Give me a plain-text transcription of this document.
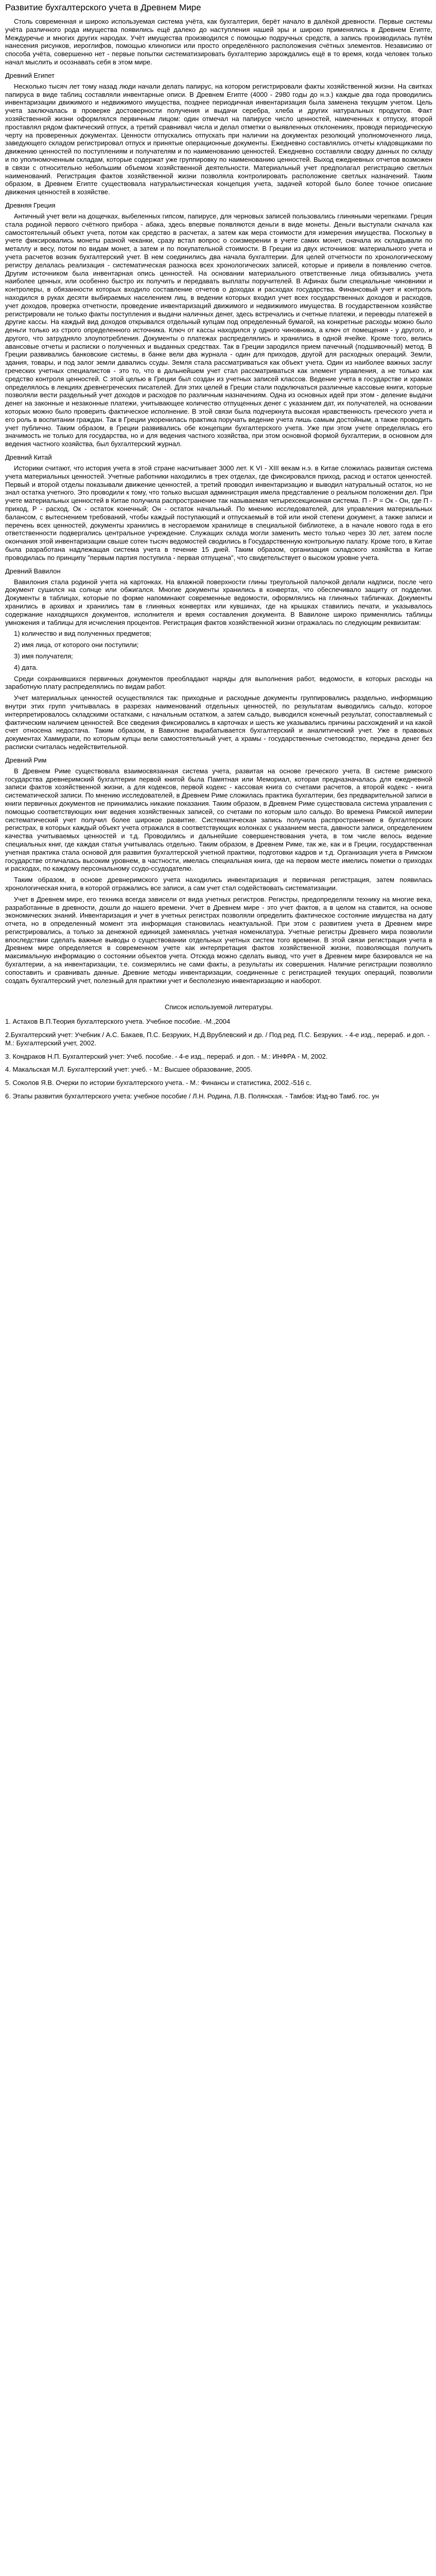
Развитие бухгалтерского учета в Древнем Мире

Столь современная и широко используемая система учёта, как бухгалтерия, берёт начало в далёкой древности. Первые системы учёта различного рода имущества появились ещё далеко до наступления нашей эры и широко применялись в Древнем Египте, Междуречье и многих других народах. Учёт имущества производился с помощью подручных средств, а запись производилась путём нанесения рисунков, иероглифов, помощью клинописи или просто определённого расположения счётных элементов. Независимо от способа учёта, совершенно нет - первые попытки систематизировать бухгалтерию зарождались ещё в то время, когда человек только начал мыслить и осознавать себя в этом мире.

Древний Египет

Несколько тысяч лет тому назад люди начали делать папирус, на котором регистрировали факты хозяйственной жизни. На свитках папируса в виде таблиц составляли инвентарные описи. В Древнем Египте (4000 - 2980 годы до н.э.) каждые два года проводились инвентаризации движимого и недвижимого имущества, позднее периодичная инвентаризация была заменена текущим учетом. Цель учета заключалась в проверке достоверности получения и выдачи серебра, хлеба и других натуральных продуктов. Факт хозяйственной жизни оформлялся первичным лицом: один отмечал на папирусе число ценностей, намеченных к отпуску, второй проставлял рядом фактический отпуск, а третий сравнивал числа и делал отметки о выявленных отклонениях, проводя периодическую черту на проверенных документах. Ценности отпускались отпускать при наличии на документах резолюций уполномоченного лица, заведующего складом регистрировал отпуск и принятые операционные документы. Ежедневно составлялись отчеты кладовщиками по движению ценностей по поступлениям и получателям и по наименованию ценностей. Ежедневно составляли сводку данных по складу и по уполномоченным складам, которые содержат уже группировку по наименованию ценностей. Выход ежедневных отчетов возможен в связи с относительно небольшим объемом хозяйственной деятельности. Материальный учет предполагал регистрацию светлых наименований. Регистрация фактов хозяйственной жизни позволяла контролировать расположение светлых назначений. Таким образом, в Древнем Египте существовала натуральистическая концепция учета, задачей которой было более точное описание движения ценностей в хозяйстве.

Древняя Греция

Античный учет вели на дощечках, выбеленных гипсом, папирусе, для черновых записей пользовались глиняными черепками. Греция стала родиной первого счётного прибора - абака, здесь впервые появляются деньги в виде монеты. Деньги выступали сначала как самостоятельный объект учета, потом как средство в расчетах, а затем как мера стоимости для измерения имущества. Поскольку в учете фиксировались монеты разной чеканки, сразу встал вопрос о соизмерении в учете самих монет, сначала их складывали по металлу и весу, потом по видам монет, а затем и по покупательной стоимости. В Греции из двух источников: материального учета и учета расчетов возник бухгалтерский учет. В нем соединились два начала бухгалтерии. Для целей отчетности по хронологическому регистру делалась реализация - систематическая разноска всех хронологических записей, которые и привели в появлению счетов. Другим источником была инвентарная опись ценностей. На основании материального ответственные лица обязывались учета наиболее ценных, или особенно быстро их получить и передавать выплаты поручителей. В Афинах были специальные чиновники и контролеры, в обязанности которых входило составление отчетов о доходах и расходах государства. Финансовый учет и контроль находился в руках десяти выбираемых населением лиц, в ведении которых входил учет всех государственных доходов и расходов, учет доходов, проверка отчетности, проведение инвентаризаций движимого и недвижимого имущества. В государственном хозяйстве регистрировали не только факты поступления и выдачи наличных денег, здесь встречались и счетные платежи, и переводы платежей в другие кассы. На каждый вид доходов открывался отдельный купцам под определенный бумагой, на конкретные расходы можно было деньги только из строго определенного источника. Ключ от кассы находился у одного чиновника, а ключ от помещения - у другого, и другого, что затрудняло злоупотребления. Документы о платежах распределялись и хранились в одной ячейке. Кроме того, велись авансовые отчеты и расписки о полученных и выданных средствах. Так в Греции зародился прием пачечный (подшивочный) метод. В Греции развивались банковские системы, в банке вели два журнала - один для приходов, другой для расходных операций. Земли, здания, товары, и под залог земли давались ссуды. Земля стала рассматриваться как объект учета. Один из наиболее важных заслуг греческих учетных специалистов - это то, что в дальнейшем учет стал рассматриваться как элемент управления, а не только как средство контроля ценностей. С этой целью в Греции был создан из учетных записей классов. Ведение учета в государстве и храмах определялось в лекциях древнегреческих писателей. Для этих целей в Греции стали подключаться различные кассовые книги, которые позволяли вести раздельный учет доходов и расходов по различным назначениям. Одна из основных идей при этом - деление выдачи денег на законные и незаконные платежи, учитывающее количество отпущенных денег с указанием дат, их получателей, на основании которых можно было проверить фактическое исполнение. В этой связи была подчеркнута высокая нравственность греческого учета и его роль в воспитании граждан. Так в Греции укоренилась практика поручать ведение учета лишь самым достойным, а также проводить учет публично. Таким образом, в Греции развивались обе концепции бухгалтерского учета. Уже при этом учете определялась его значимость не только для государства, но и для ведения частного хозяйства, при этом основной формой бухгалтерии, в основном для ведения частного хозяйства, был бухгалтерский журнал.

Древний Китай

Историки считают, что история учета в этой стране насчитывает 3000 лет. К VI - XIII векам н.э. в Китае сложилась развитая система учета материальных ценностей. Учетные работники находились в трех отделах, где фиксировался приход, расход и остаток ценностей. Первый и второй отделы показывали движение ценностей, а третий проводил инвентаризацию и выводил натуральный остаток, но не знал остатка учетного. Это проводили к тому, что только высшая администрация имела представление о реальном положении дел. При учете материальных ценностей в Китае получила распространение так называемая четырехсекционная система. П - Р = Ок - Он, где П - приход, Р - расход, Ок - остаток конечный; Он - остаток начальный. По мнению исследователей, для управления материальных балансом, с вытеснением требований, чтобы каждый поступающий и отпускаемый в той или иной степени документ, а также записи и перечень всех ценностей, документы хранились в несгораемом хранилище в специальной библиотеке, а в начале нового года в его ответственности подвергались центральное учреждение. Служащих склада могли заменить место только через 30 лет, затем после окончания этой инвентаризации свыше сотен тысяч ведомостей сводились в Государственную контрольную палату. Кроме того, в Китае была разработана надлежащая система учета в течение 15 дней. Таким образом, организация складского хозяйства в Китае проводилась по принципу "первым партия поступила - первая отпущена", что свидетельствует о высоком уровне учета.

Древний Вавилон

Вавилония стала родиной учета на картонках. На влажной поверхности глины треугольной палочкой делали надписи, после чего документ сушился на солнце или обжигался. Многие документы хранились в конвертах, что обеспечивало защиту от подделки. Документы в таблицах, которые по форме напоминают современные ведомости, оформлялись на глиняных табличках. Документы хранились в архивах и хранились там в глиняных конвертах или кувшинах, где на крышках ставились печати, и указывалось содержание находящихся документов, исполнителя и время составления документа. В Вавилоне широко применялись таблицы умножения и таблицы для исчисления процентов. Регистрация фактов хозяйственной жизни отражалась по следующим реквизитам:

1) количество и вид полученных предметов;

2) имя лица, от которого они поступили;

3) имя получателя;

4) дата.

Среди сохранившихся первичных документов преобладают наряды для выполнения работ, ведомости, в которых расходы на заработную плату распределялись по видам работ.

Учет материальных ценностей осуществлялся так: приходные и расходные документы группировались раздельно, информацию внутри этих групп учитывалась в разрезах наименований отдельных ценностей, по результатам выводились сальдо, которое интерпретировалось складскими остатками, с начальным остатком, а затем сальдо, выводился конечный результат, сопоставляемый с фактическим наличием ценностей. Все сведения фиксировались в карточках и шесть же указывались причины расхождений и на какой счет относена недостача. Таким образом, в Вавилоне вырабатывается бухгалтерский и аналитический учет. Уже в правовых документах Хаммурапи, по которым купцы вели самостоятельный учет, а храмы - государственные счетоводство, передача денег без расписки считалась недействительной.

Древний Рим

В Древнем Риме существовала взаимосвязанная система учета, развитая на основе греческого учета. В системе римского государства древнеримский бухгалтерии первой книгой была Памятная или Мемориал, которая предназначалась для ежедневной записи фактов хозяйственной жизни, а для кодексов, первой кодекс - кассовая книга со счетами расчетов, а второй кодекс - книга систематической записи. По мнению исследователей, в Древнем Риме сложилась практика бухгалтерии, без предварительной записи в книги первичных документов не принимались никакие показания. Таким образом, в Древнем Риме существовала система управления с помощью соответствующих книг ведения хозяйственных записей, со счетами по которым шло сальдо. Во времена Римской империи систематический учет получил более широкое развитие. Систематическая запись получила распространение в бухгалтерских регистрах, в которых каждый объект учета отражался в соответствующих колонках с указанием места, давности записи, определением качества учитываемых ценностей и т.д. Проводились и дальнейшие совершенствования учета, в том числе велось ведение специальных книг, где каждая статья учитывалась отдельно. Таким образом, в Древнем Риме, так же, как и в Греции, государственная учетная практика стала основой для развития бухгалтерской учетной практики, подготовки кадров и т.д. Организация учета в Римском государстве отличалась высоким уровнем, в частности, имелась специальная книга, где на первом месте имелись пометки о приходах и расходах, по каждому персональному ссудо-ссудодателю.

Таким образом, в основе древнеримского учета находились инвентаризация и первичная регистрация, затем появилась хронологическая книга, в которой отражались все записи, а сам учет стал содействовать систематизации.

Учет в Древнем мире, его техника всегда зависели от вида учетных регистров. Регистры, предопределяли технику на многие века, разработанные в древности, дошли до нашего времени. Учет в Древнем мире - это учет фактов, а в целом на ставится, на основе экономических знаний. Инвентаризация и учет в учетных регистрах позволяли определить фактическое состояние имущества на дату отчета, но в определенный момент эта информация становилась неактуальной. При этом с развитием учета в Древнем мире регистрировались, а только за денежной единицей заменялась учетная номенклатура. Учетные регистры Древнего мира позволили впоследствии сделать важные выводы о существовании отдельных учетных систем того времени. В этой связи регистрация учета в Древнем мире определяется в современном учете как интерпретация фактов хозяйственной жизни, позволяющая получить максимальную информацию о состоянии объектов учета. Отсюда можно сделать вывод, что учет в Древнем мире базировался не на бухгалтерии, а на инвентаризации, т.е. соизмерялись не сами факты, а результаты их совершения. Наличие регистрации позволяло сопоставить и сравнивать данные. Древние методы инвентаризации, соединенные с регистрацией текущих операций, позволили создать бухгалтерский учет, полезный для практики учет и бесполезную инвентаризацию и наоборот.

Список используемой литературы.

1. Астахов В.П.Теория бухгалтерского учета. Учебное пособие. -М.,2004

2.Бухгалтерский учет: Учебник / А.С. Бакаев, П.С. Безруких, Н.Д.Врублевский и др. / Под ред. П.С. Безруких. - 4-е изд., перераб. и доп. - М.: Бухгалтерский учет, 2002.

3. Кондраков Н.П. Бухгалтерский учет: Учеб. пособие. - 4-е изд., перераб. и доп. - М.: ИНФРА - М, 2002.

4. Макальская М.Л. Бухгалтерский учет: учеб. - М.: Высшее образование, 2005.

5. Соколов Я.В. Очерки по истории бухгалтерского учета. - М.: Финансы и статистика, 2002.-516 с.

6. Этапы развития бухгалтерского учета: учебное пособие / Л.Н. Родина, Л.В. Полянская. - Тамбов: Изд-во Тамб. гос. ун
